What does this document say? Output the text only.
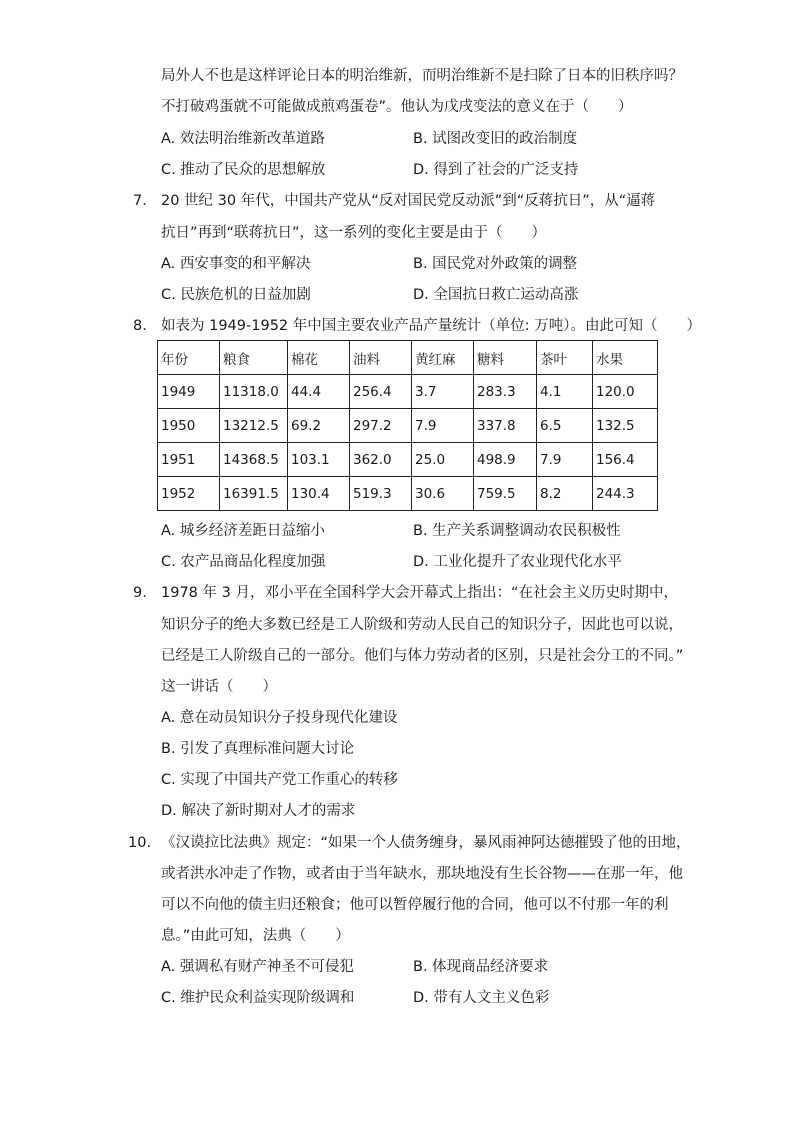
局外人不也是这样评论日本的明治维新，而明治维新不是扫除了日本的旧秩序吗？
不打破鸡蛋就不可能做成煎鸡蛋卷”。他认为戊戌变法的意义在于（　　）
A. 效法明治维新改革道路	B. 试图改变旧的政治制度
C. 推动了民众的思想解放	D. 得到了社会的广泛支持
7. 20 世纪 30 年代，中国共产党从“反对国民党反动派”到“反蒋抗日”，从“逼蒋
抗日”再到“联蒋抗日”，这一系列的变化主要是由于（　　）
A. 西安事变的和平解决	B. 国民党对外政策的调整
C. 民族危机的日益加剧	D. 全国抗日救亡运动高涨
8. 如表为 1949-1952 年中国主要农业产品产量统计（单位: 万吨）。由此可知（　　）
年份	粮食	棉花	油料	黄红麻	糖料	茶叶	水果
1949	11318.0	44.4	256.4	3.7	283.3	4.1	120.0
1950	13212.5	69.2	297.2	7.9	337.8	6.5	132.5
1951	14368.5	103.1	362.0	25.0	498.9	7.9	156.4
1952	16391.5	130.4	519.3	30.6	759.5	8.2	244.3
A. 城乡经济差距日益缩小	B. 生产关系调整调动农民积极性
C. 农产品商品化程度加强	D. 工业化提升了农业现代化水平
9. 1978 年 3 月，邓小平在全国科学大会开幕式上指出：“在社会主义历史时期中，
知识分子的绝大多数已经是工人阶级和劳动人民自己的知识分子，因此也可以说，
已经是工人阶级自己的一部分。他们与体力劳动者的区别，只是社会分工的不同。”
这一讲话（　　）
A. 意在动员知识分子投身现代化建设
B. 引发了真理标准问题大讨论
C. 实现了中国共产党工作重心的转移
D. 解决了新时期对人才的需求
10. 《汉谟拉比法典》规定：“如果一个人债务缠身，暴风雨神阿达德摧毁了他的田地，
或者洪水冲走了作物，或者由于当年缺水，那块地没有生长谷物——在那一年，他
可以不向他的债主归还粮食；他可以暂停履行他的合同，他可以不付那一年的利
息。”由此可知，法典（　　）
A. 强调私有财产神圣不可侵犯	B. 体现商品经济要求
C. 维护民众利益实现阶级调和	D. 带有人文主义色彩
